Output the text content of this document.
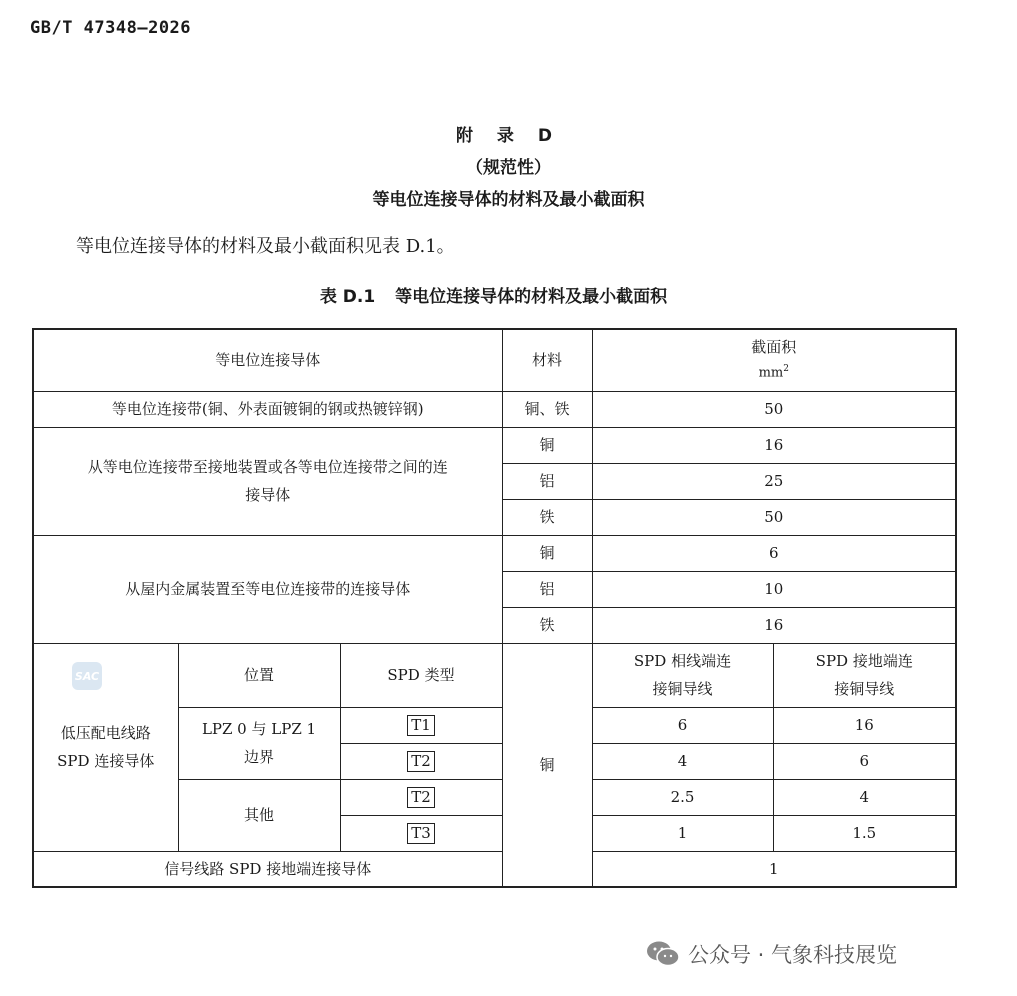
GB/T 47348—2026
附 录 D
（规范性）
等电位连接导体的材料及最小截面积
等电位连接导体的材料及最小截面积见表 D.1。
表 D.1 等电位连接导体的材料及最小截面积
等电位连接导体			材料	截面积
$mm^2$

等电位连接带(铜、外表面镀铜的钢或热镀锌钢)			铜、铁	50	
从等电位连接带至接地装置或各等电位连接带之间的连接导体			铜	16	
			铝	25	
			铁	50	
从屋内金属装置至等电位连接带的连接导体			铜	6	
			铝	10	
			铁	16	
低压配电线路 SPD 连接导体	位置	SPD 类型	铜	SPD 相线端连接铜导线	SPD 接地端连接铜导线
	LPZ 0 与 LPZ 1 边界	T1		6	16
		T2		4	6
	其他	T2		2.5	4
		T3		1	1.5
信号线路 SPD 接地端连接导体				1	
SAC
公众号 · 气象科技展览
